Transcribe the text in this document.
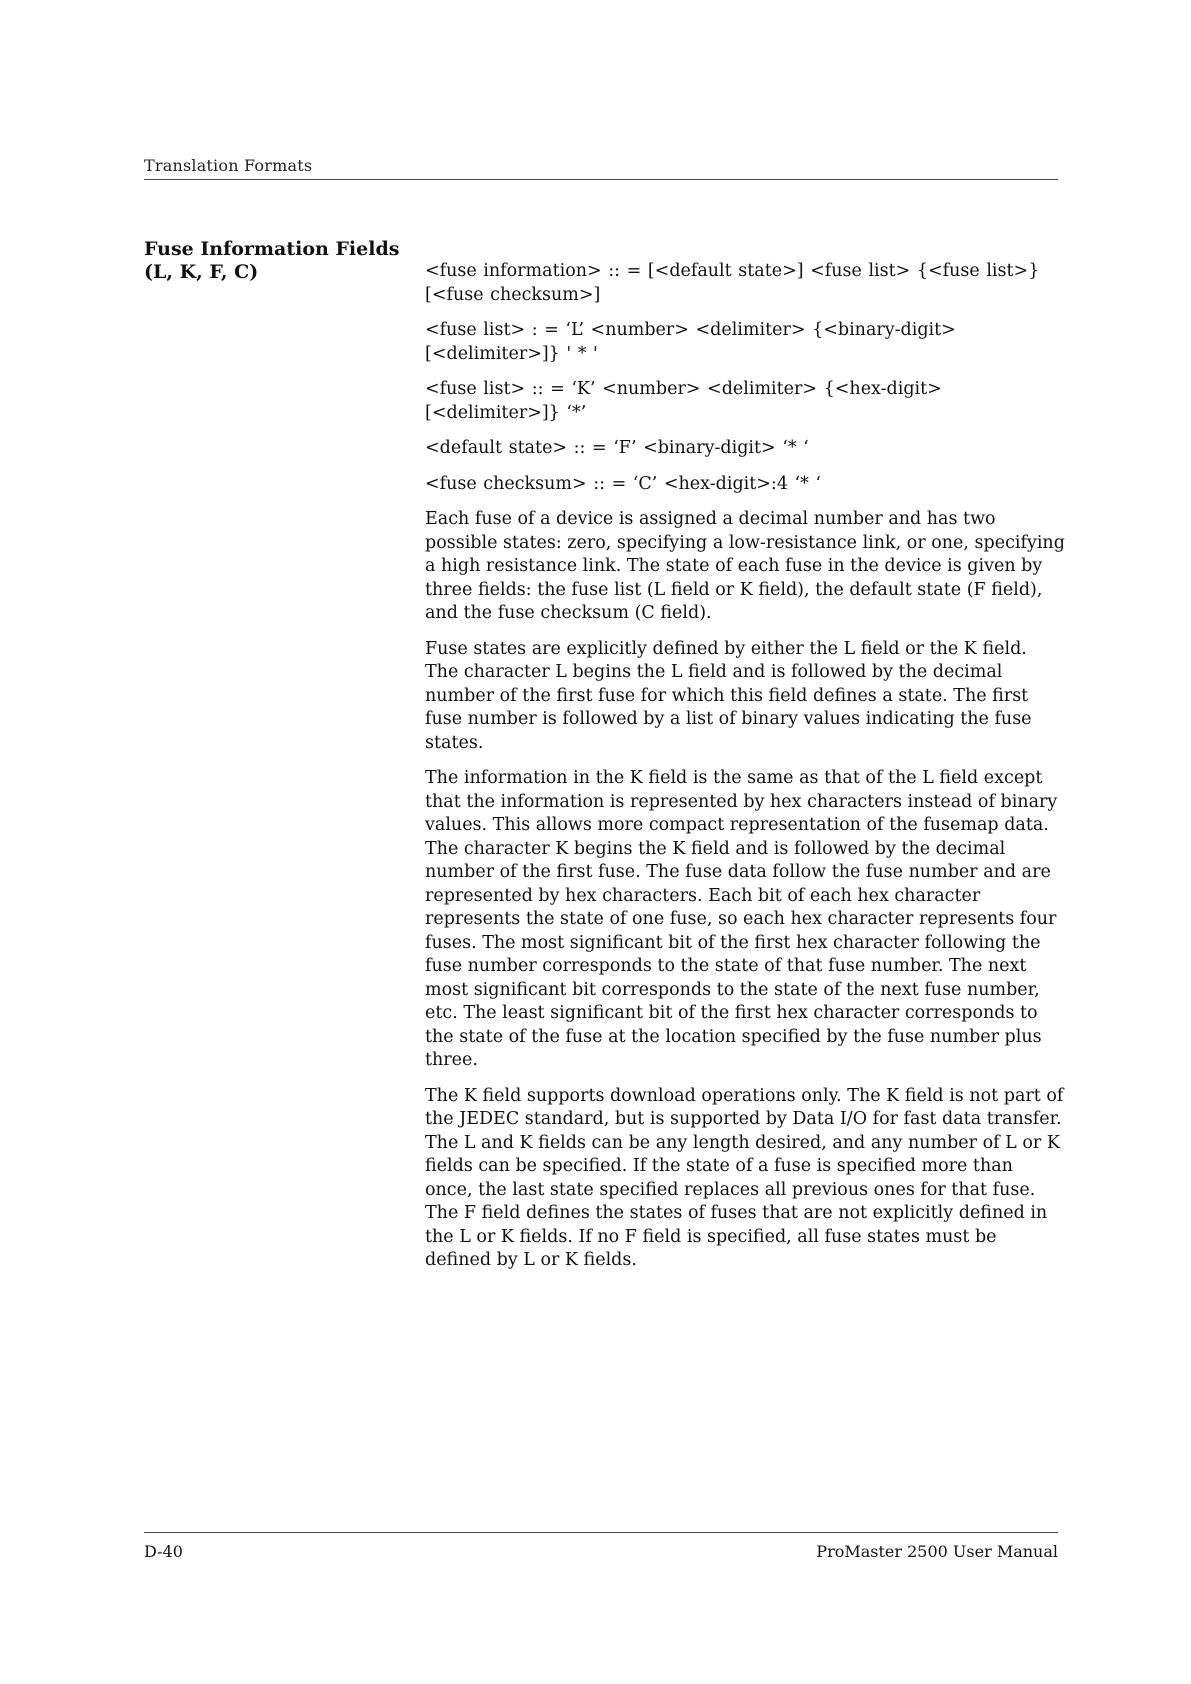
Translation Formats
Fuse Information Fields
(L, K, F, C)	<fuse information> :: = [<default state>] <fuse list> {<fuse list>} [<fuse checksum>]

<fuse list> : = ‘L’ <number> <delimiter> {<binary-digit> [<delimiter>]} ' * '

<fuse list> :: = ‘K’ <number> <delimiter> {<hex-digit> [<delimiter>]} ‘*’

<default state> :: = ‘F’ <binary-digit> ‘* ‘

<fuse checksum> :: = ‘C’ <hex-digit>:4 ‘* ‘

Each fuse of a device is assigned a decimal number and has two possible states: zero, specifying a low-resistance link, or one, specifying a high resistance link. The state of each fuse in the device is given by three fields: the fuse list (L field or K field), the default state (F field), and the fuse checksum (C field).

Fuse states are explicitly defined by either the L field or the K field. The character L begins the L field and is followed by the decimal number of the first fuse for which this field defines a state. The first fuse number is followed by a list of binary values indicating the fuse states.

The information in the K field is the same as that of the L field except that the information is represented by hex characters instead of binary values. This allows more compact representation of the fusemap data. The character K begins the K field and is followed by the decimal number of the first fuse. The fuse data follow the fuse number and are represented by hex characters. Each bit of each hex character represents the state of one fuse, so each hex character represents four fuses. The most significant bit of the first hex character following the fuse number corresponds to the state of that fuse number. The next most significant bit corresponds to the state of the next fuse number, etc. The least significant bit of the first hex character corresponds to the state of the fuse at the location specified by the fuse number plus three.

The K field supports download operations only. The K field is not part of the JEDEC standard, but is supported by Data I/O for fast data transfer. The L and K fields can be any length desired, and any number of L or K fields can be specified. If the state of a fuse is specified more than once, the last state specified replaces all previous ones for that fuse. The F field defines the states of fuses that are not explicitly defined in the L or K fields. If no F field is specified, all fuse states must be defined by L or K fields.

D-40	ProMaster 2500 User Manual
